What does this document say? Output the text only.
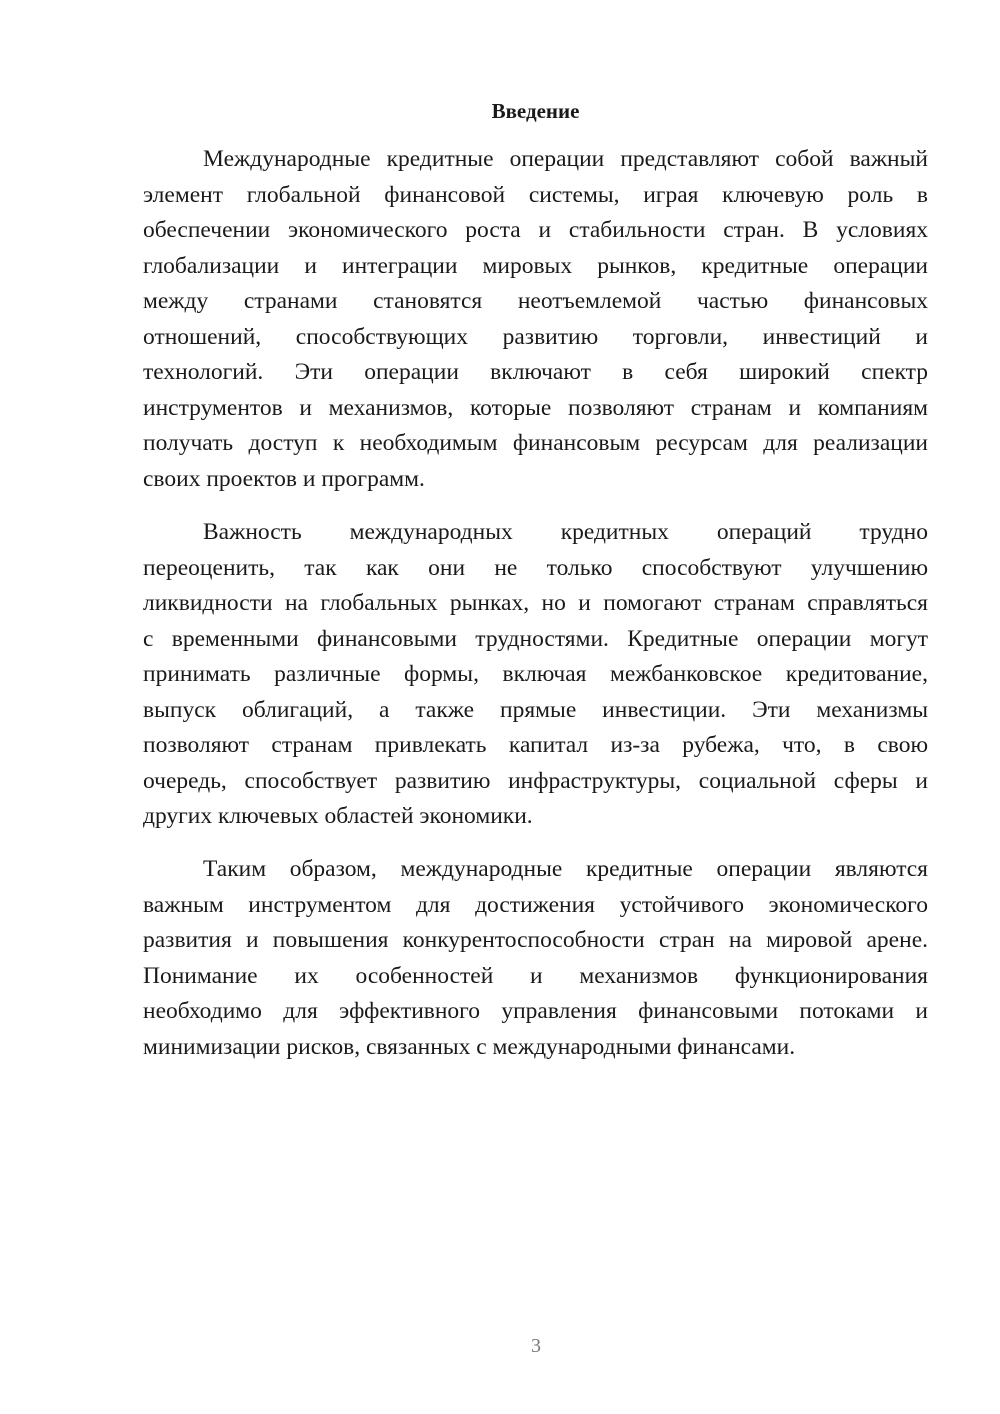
Введение
Международные кредитные операции представляют собой важный
элемент глобальной финансовой системы, играя ключевую роль в
обеспечении экономического роста и стабильности стран. В условиях
глобализации и интеграции мировых рынков, кредитные операции
между странами становятся неотъемлемой частью финансовых
отношений, способствующих развитию торговли, инвестиций и
технологий. Эти операции включают в себя широкий спектр
инструментов и механизмов, которые позволяют странам и компаниям
получать доступ к необходимым финансовым ресурсам для реализации
своих проектов и программ.
Важность международных кредитных операций трудно
переоценить, так как они не только способствуют улучшению
ликвидности на глобальных рынках, но и помогают странам справляться
с временными финансовыми трудностями. Кредитные операции могут
принимать различные формы, включая межбанковское кредитование,
выпуск облигаций, а также прямые инвестиции. Эти механизмы
позволяют странам привлекать капитал из-за рубежа, что, в свою
очередь, способствует развитию инфраструктуры, социальной сферы и
других ключевых областей экономики.
Таким образом, международные кредитные операции являются
важным инструментом для достижения устойчивого экономического
развития и повышения конкурентоспособности стран на мировой арене.
Понимание их особенностей и механизмов функционирования
необходимо для эффективного управления финансовыми потоками и
минимизации рисков, связанных с международными финансами.
3
